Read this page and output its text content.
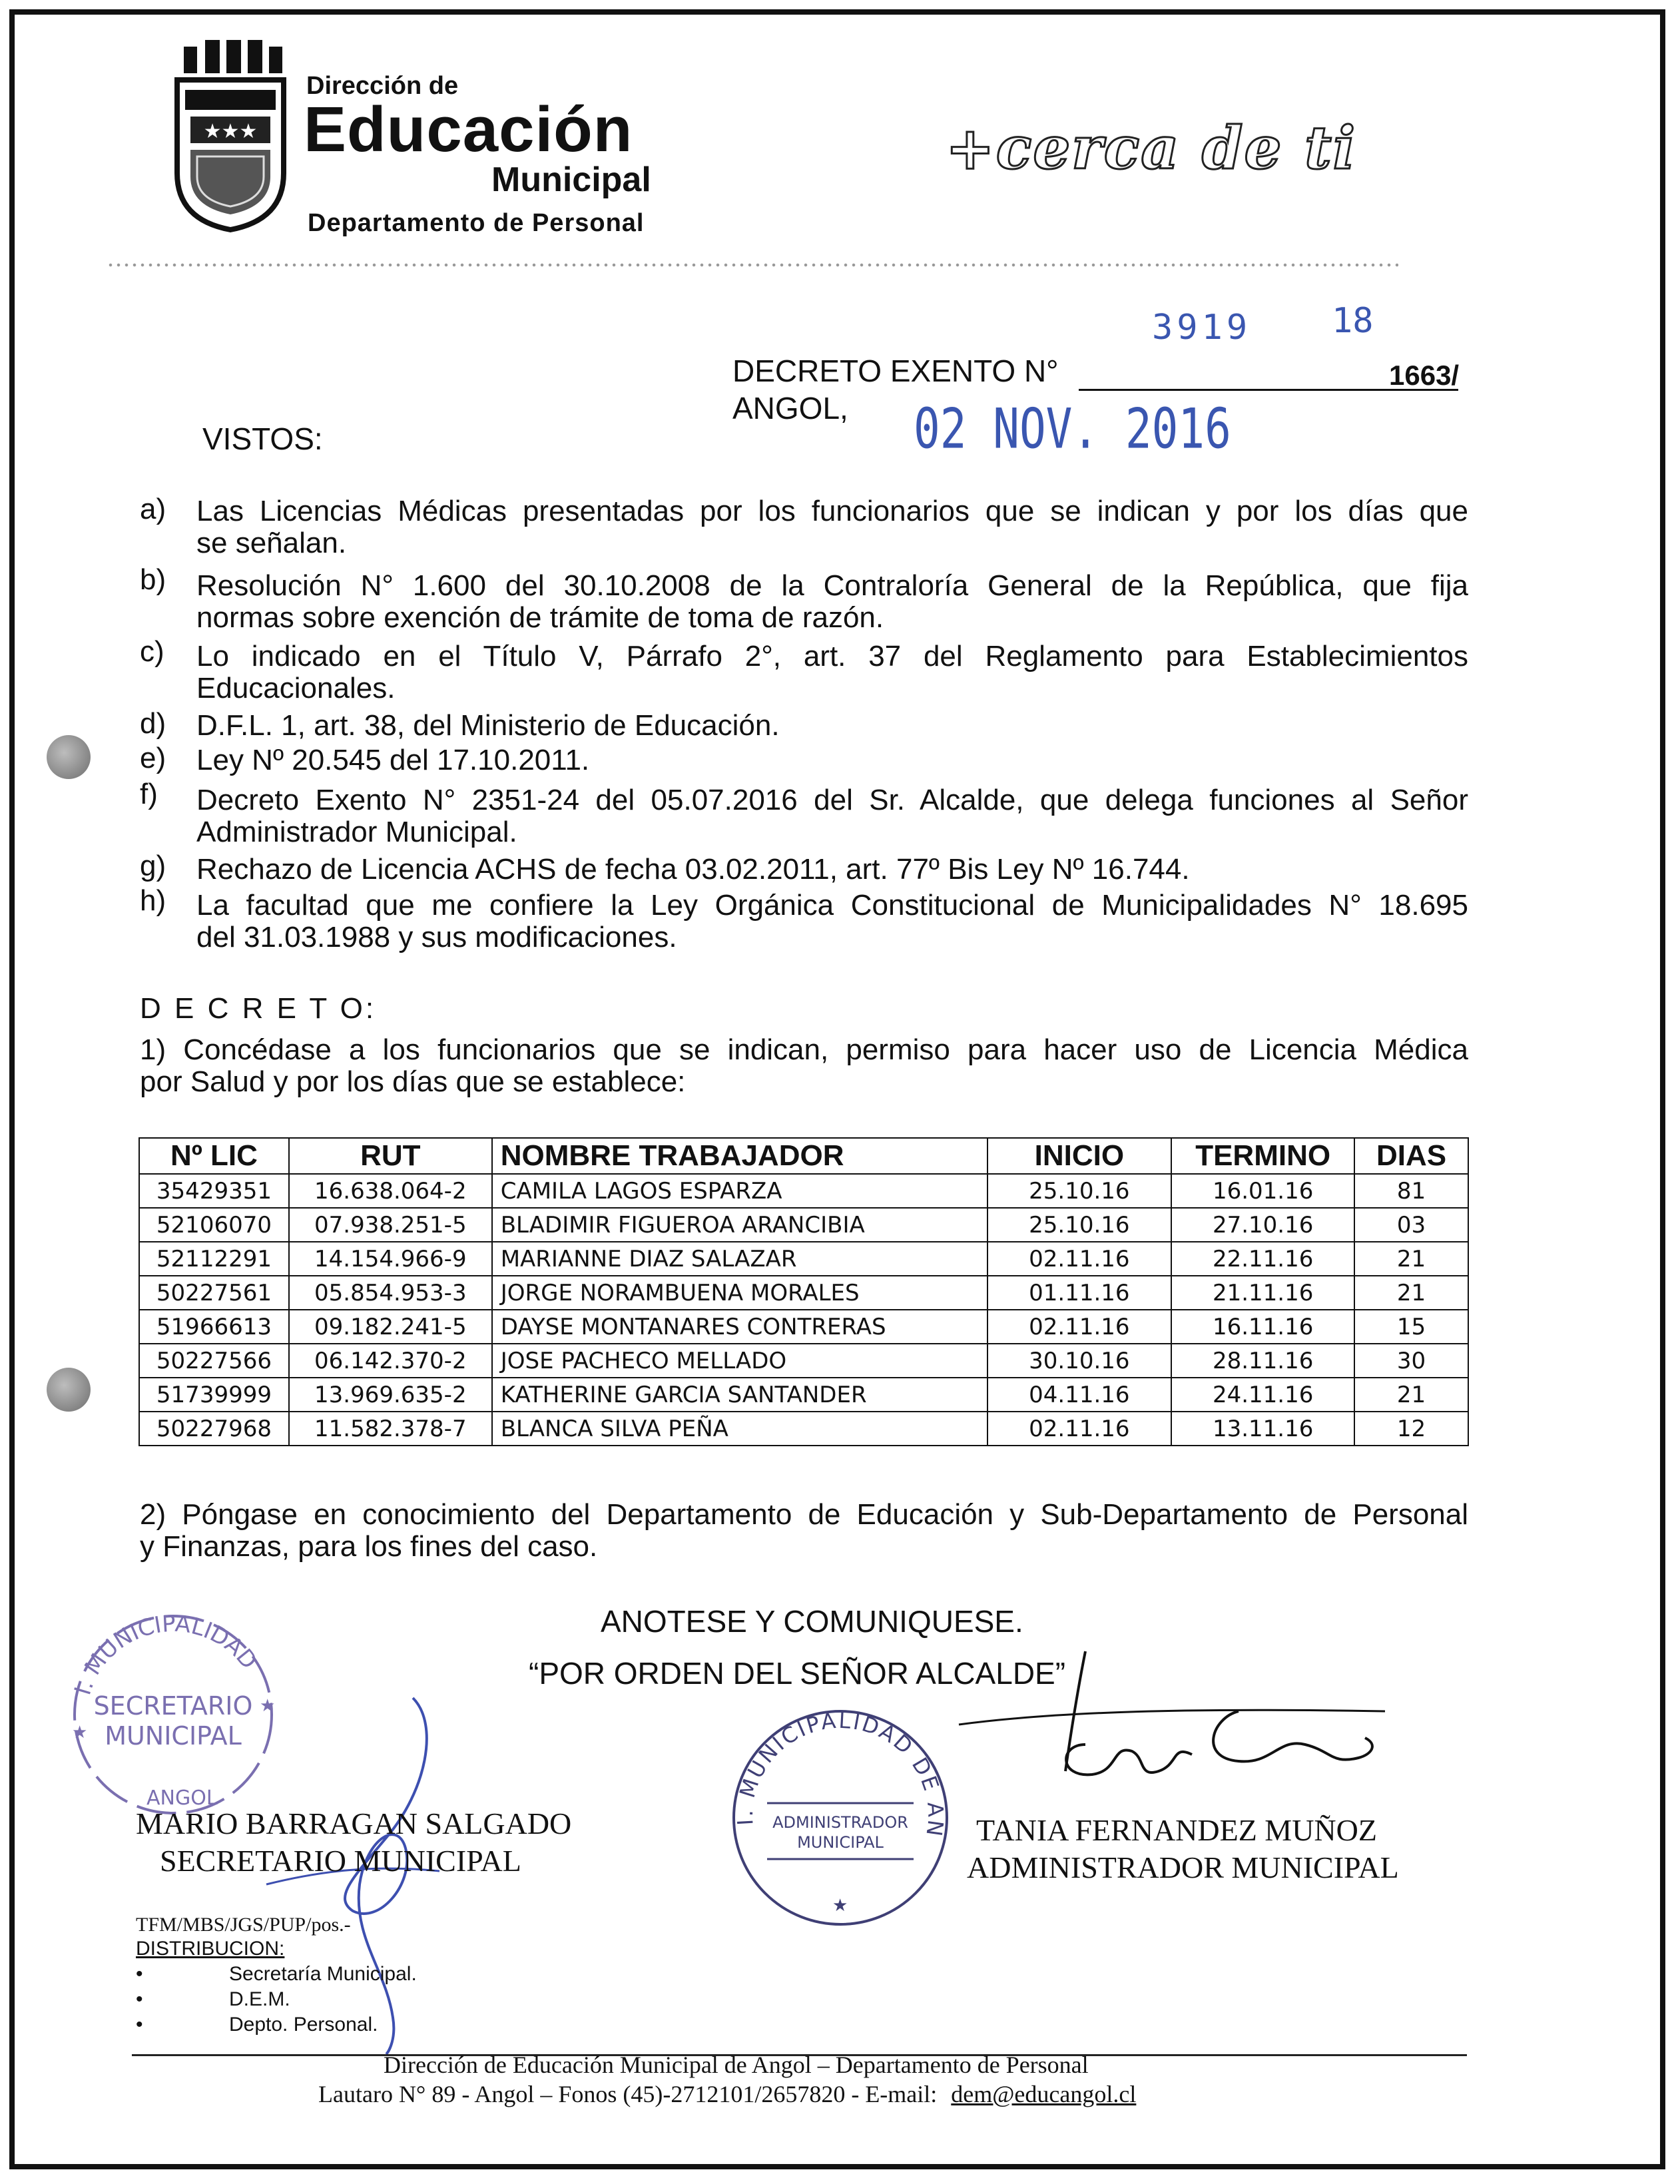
★★★
Dirección de
Educación
Municipal
Departamento de Personal
+cerca de ti
3919 18
DECRETO EXENTO N°	1663/
ANGOL, 02 NOV. 2016
VISTOS:
a) Las Licencias Médicas presentadas por los funcionarios que se indican y por los días que
se señalan.
b) Resolución N° 1.600 del 30.10.2008 de la Contraloría General de la República, que fija
normas sobre exención de trámite de toma de razón.
c) Lo indicado en el Título V, Párrafo 2°, art. 37 del Reglamento para Establecimientos
Educacionales.
d) D.F.L. 1, art. 38, del Ministerio de Educación.
e) Ley Nº 20.545 del 17.10.2011.
f) Decreto Exento N° 2351-24 del 05.07.2016 del Sr. Alcalde, que delega funciones al Señor
Administrador Municipal.
g) Rechazo de Licencia ACHS de fecha 03.02.2011, art. 77º Bis Ley Nº 16.744.
h) La facultad que me confiere la Ley Orgánica Constitucional de Municipalidades N° 18.695
del 31.03.1988 y sus modificaciones.
D E C R E T O:
1) Concédase a los funcionarios que se indican, permiso para hacer uso de Licencia Médica
por Salud y por los días que se establece:
Nº LIC	RUT	NOMBRE TRABAJADOR	INICIO	TERMINO	DIAS
35429351	16.638.064-2	CAMILA LAGOS ESPARZA	25.10.16	16.01.16	81
52106070	07.938.251-5	BLADIMIR FIGUEROA ARANCIBIA	25.10.16	27.10.16	03
52112291	14.154.966-9	MARIANNE DIAZ SALAZAR	02.11.16	22.11.16	21
50227561	05.854.953-3	JORGE NORAMBUENA MORALES	01.11.16	21.11.16	21
51966613	09.182.241-5	DAYSE MONTANARES CONTRERAS	02.11.16	16.11.16	15
50227566	06.142.370-2	JOSE PACHECO MELLADO	30.10.16	28.11.16	30
51739999	13.969.635-2	KATHERINE GARCIA SANTANDER	04.11.16	24.11.16	21
50227968	11.582.378-7	BLANCA SILVA PEÑA	02.11.16	13.11.16	12
2) Póngase en conocimiento del Departamento de Educación y Sub-Departamento de Personal
y Finanzas, para los fines del caso.
ANOTESE Y COMUNIQUESE.
“POR ORDEN DEL SEÑOR ALCALDE”
I. MUNICIPALIDAD
SECRETARIO
MUNICIPAL
★
★
ANGOL
I. MUNICIPALIDAD DE ANGOL
ADMINISTRADOR
MUNICIPAL
★
MARIO BARRAGAN SALGADO
SECRETARIO MUNICIPAL
TANIA FERNANDEZ MUÑOZ
ADMINISTRADOR MUNICIPAL
TFM/MBS/JGS/PUP/pos.-
DISTRIBUCION:
•	Secretaría Municipal.
•	D.E.M.
•	Depto. Personal.
Dirección de Educación Municipal de Angol – Departamento de Personal
Lautaro N° 89 - Angol – Fonos (45)-2712101/2657820 - E-mail: dem@educangol.cl
